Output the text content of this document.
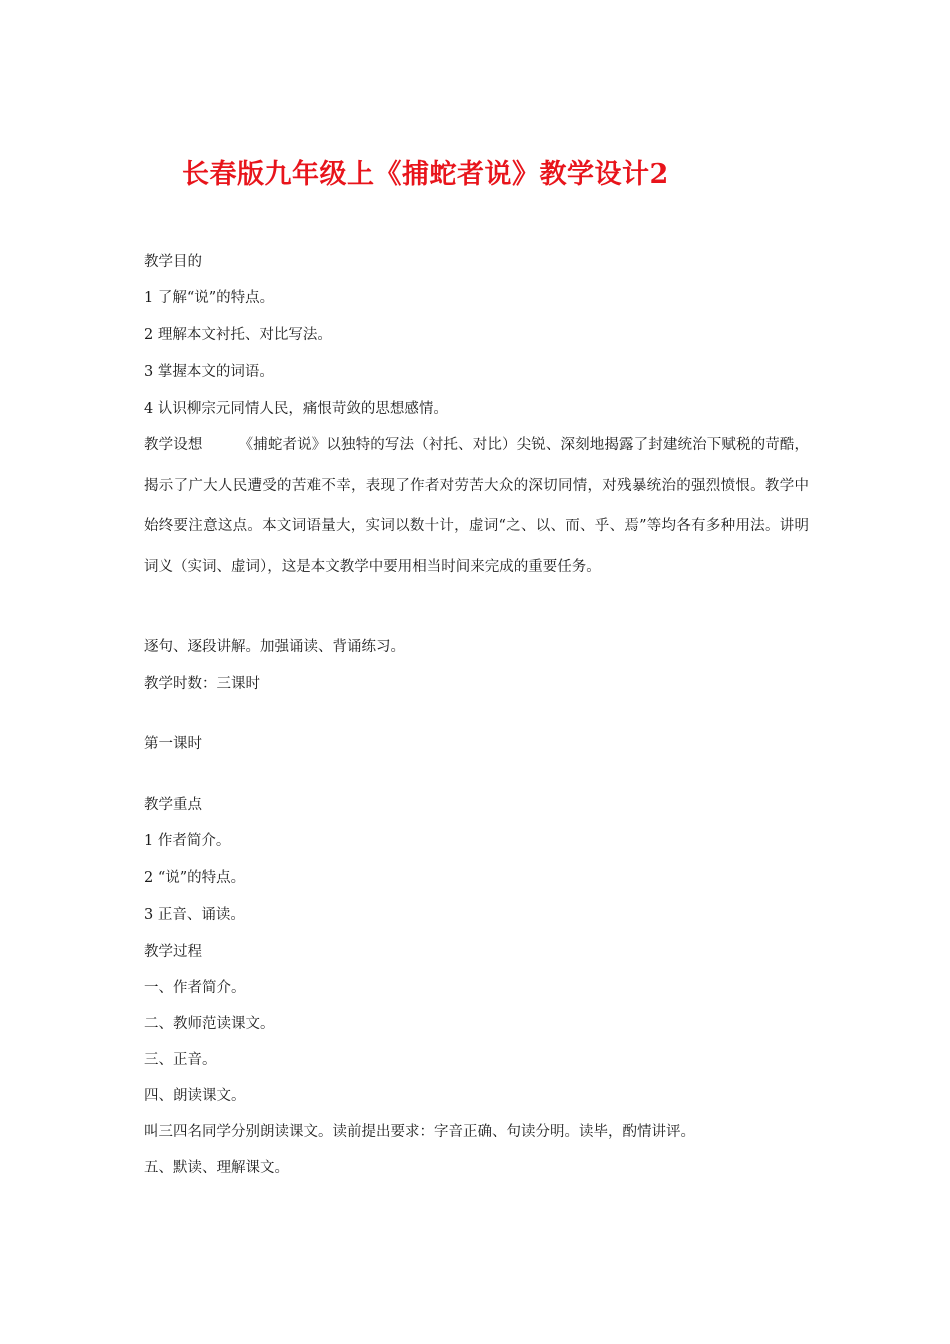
长春版九年级上《捕蛇者说》教学设计2
教学目的
1 了解“说”的特点。
2 理解本文衬托、对比写法。
3 掌握本文的词语。
4 认识柳宗元同情人民，痛恨苛敛的思想感情。
教学设想 《捕蛇者说》以独特的写法（衬托、对比）尖锐、深刻地揭露了封建统治下赋税的苛酷，揭示了广大人民遭受的苦难不幸，表现了作者对劳苦大众的深切同情，对残暴统治的强烈愤恨。教学中始终要注意这点。本文词语量大，实词以数十计，虚词“之、以、而、乎、焉”等均各有多种用法。讲明词义（实词、虚词），这是本文教学中要用相当时间来完成的重要任务。
逐句、逐段讲解。加强诵读、背诵练习。
教学时数：三课时
第一课时
教学重点
1 作者简介。
2 “说”的特点。
3 正音、诵读。
教学过程
一、作者简介。
二、教师范读课文。
三、正音。
四、朗读课文。
叫三四名同学分别朗读课文。读前提出要求：字音正确、句读分明。读毕，酌情讲评。
五、默读、理解课文。
